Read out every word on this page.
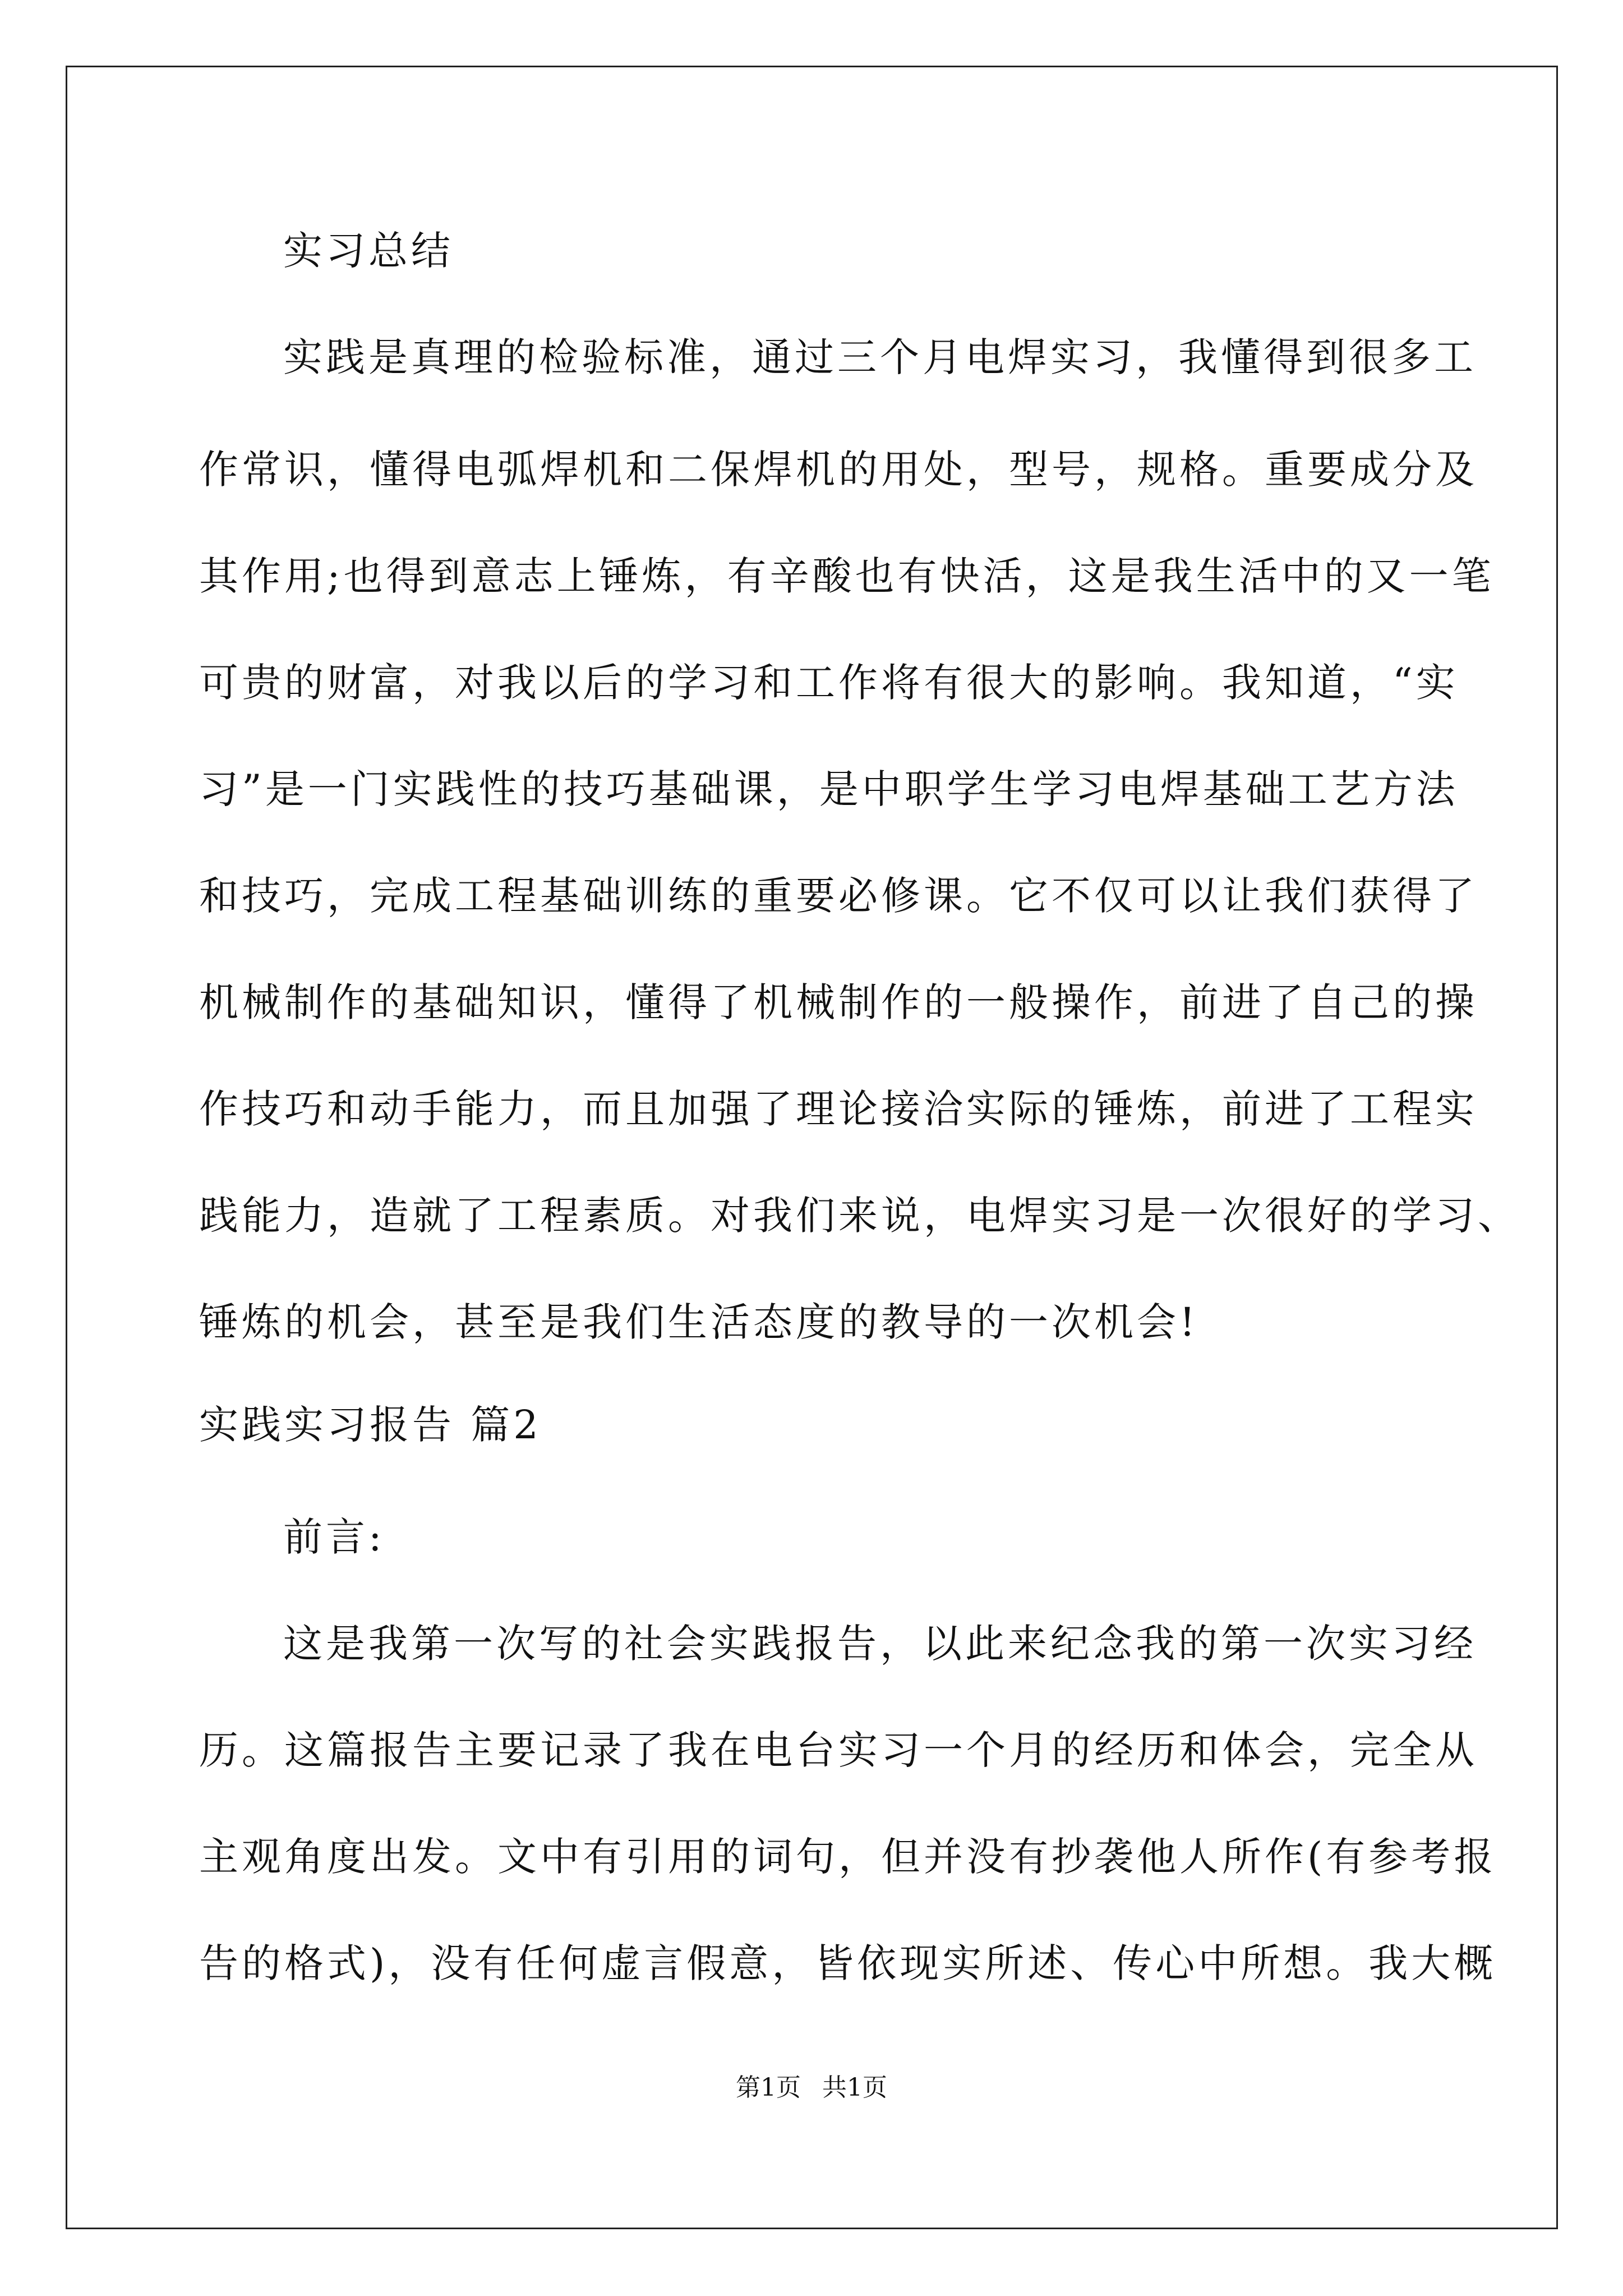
实习总结
实践是真理的检验标准，通过三个月电焊实习，我懂得到很多工
作常识，懂得电弧焊机和二保焊机的用处，型号，规格。重要成分及
其作用;也得到意志上锤炼，有辛酸也有快活，这是我生活中的又一笔
可贵的财富，对我以后的学习和工作将有很大的影响。我知道，“实
习”是一门实践性的技巧基础课，是中职学生学习电焊基础工艺方法
和技巧，完成工程基础训练的重要必修课。它不仅可以让我们获得了
机械制作的基础知识，懂得了机械制作的一般操作，前进了自己的操
作技巧和动手能力，而且加强了理论接洽实际的锤炼，前进了工程实
践能力，造就了工程素质。对我们来说，电焊实习是一次很好的学习、
锤炼的机会，甚至是我们生活态度的教导的一次机会!
实践实习报告 篇2
前言:
这是我第一次写的社会实践报告，以此来纪念我的第一次实习经
历。这篇报告主要记录了我在电台实习一个月的经历和体会，完全从
主观角度出发。文中有引用的词句，但并没有抄袭他人所作(有参考报
告的格式)，没有任何虚言假意，皆依现实所述、传心中所想。我大概
第1页 共1页
